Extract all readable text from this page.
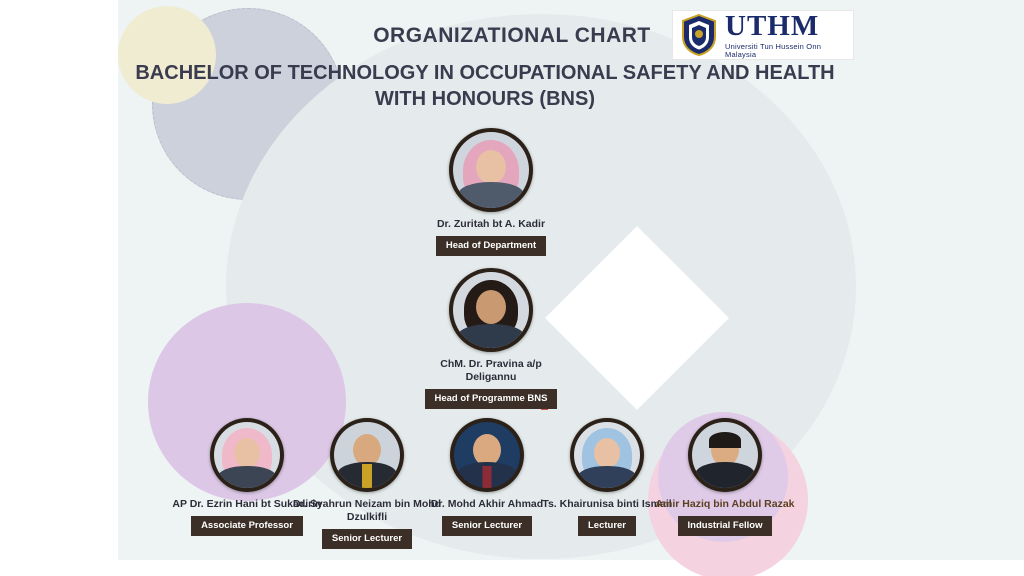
ORGANIZATIONAL CHART
BACHELOR OF TECHNOLOGY IN OCCUPATIONAL SAFETY AND HEALTH WITH HONOURS (BNS)
UTHM
Universiti Tun Hussein Onn Malaysia
Dr. Zuritah bt A. Kadir
Head of Department
ChM. Dr. Pravina a/p Deligannu
Head of Programme BNS
AP Dr. Ezrin Hani bt Sukadirin
Associate Professor
Dr. Syahrun Neizam bin Mohd Dzulkifli
Senior Lecturer
Dr. Mohd Akhir Ahmad
Senior Lecturer
Ts. Khairunisa binti Ismail
Lecturer
Amir Haziq bin Abdul Razak
Industrial Fellow
